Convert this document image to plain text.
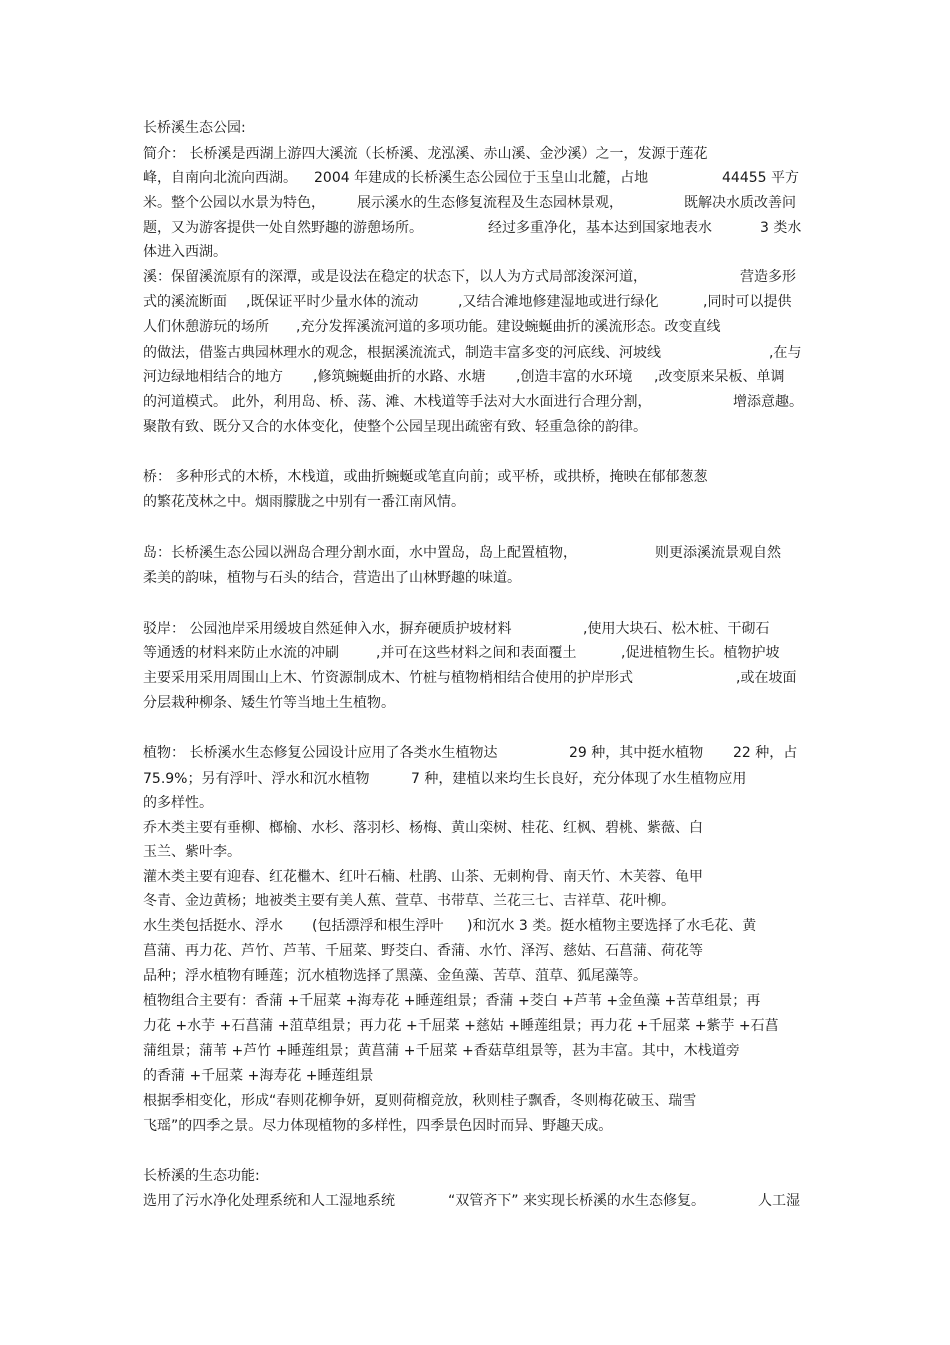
长桥溪生态公园:
简介： 长桥溪是西湖上游四大溪流（长桥溪、龙泓溪、赤山溪、金沙溪）之一，发源于莲花
峰，自南向北流向西湖。 2004 年建成的长桥溪生态公园位于玉皇山北麓，占地	44455 平方
米。整个公园以水景为特色， 展示溪水的生态修复流程及生态园林景观，	既解决水质改善问
题，又为游客提供一处自然野趣的游憩场所。	经过多重净化，基本达到国家地表水	3 类水
体进入西湖。
溪：保留溪流原有的深潭，或是设法在稳定的状态下，以人为方式局部浚深河道，	营造多形
式的溪流断面 ,既保证平时少量水体的流动	,又结合滩地修建湿地或进行绿化	,同时可以提供
人们休憩游玩的场所 ,充分发挥溪流河道的多项功能。建设蜿蜒曲折的溪流形态。改变直线
的做法，借鉴古典园林理水的观念，根据溪流流式，制造丰富多变的河底线、河坡线	,在与
河边绿地相结合的地方 ,修筑蜿蜒曲折的水路、水塘 ,创造丰富的水环境 ,改变原来呆板、单调
的河道模式。 此外，利用岛、桥、荡、滩、木栈道等手法对大水面进行合理分割，	增添意趣。
聚散有致、既分又合的水体变化，使整个公园呈现出疏密有致、轻重急徐的韵律。
桥： 多种形式的木桥，木栈道，或曲折蜿蜒或笔直向前；或平桥，或拱桥，掩映在郁郁葱葱
的繁花茂林之中。烟雨朦胧之中别有一番江南风情。
岛：长桥溪生态公园以洲岛合理分割水面，水中置岛，岛上配置植物，	则更添溪流景观自然
柔美的韵味，植物与石头的结合，营造出了山林野趣的味道。
驳岸： 公园池岸采用缓坡自然延伸入水，摒弃硬质护坡材料	,使用大块石、松木桩、干砌石
等通透的材料来防止水流的冲刷	,并可在这些材料之间和表面覆土	,促进植物生长。植物护坡
主要采用采用周围山上木、竹资源制成木、竹桩与植物梢相结合使用的护岸形式	,或在坡面
分层栽种柳条、矮生竹等当地土生植物。
植物： 长桥溪水生态修复公园设计应用了各类水生植物达	29 种，其中挺水植物 22 种，占
75.9%；另有浮叶、浮水和沉水植物	7 种，建植以来均生长良好，充分体现了水生植物应用
的多样性。
乔木类主要有垂柳、榔榆、水杉、落羽杉、杨梅、黄山栾树、桂花、红枫、碧桃、紫薇、白
玉兰、紫叶李。
灌木类主要有迎春、红花檵木、红叶石楠、杜鹃、山茶、无刺枸骨、南天竹、木芙蓉、龟甲
冬青、金边黄杨；地被类主要有美人蕉、萱草、书带草、兰花三七、吉祥草、花叶柳。
水生类包括挺水、浮水 (包括漂浮和根生浮叶 )和沉水 3 类。挺水植物主要选择了水毛花、黄
菖蒲、再力花、芦竹、芦苇、千屈菜、野茭白、香蒲、水竹、泽泻、慈姑、石菖蒲、荷花等
品种；浮水植物有睡莲；沉水植物选择了黑藻、金鱼藻、苦草、菹草、狐尾藻等。
植物组合主要有：香蒲 +千屈菜 +海寿花 +睡莲组景；香蒲 +茭白 +芦苇 +金鱼藻 +苦草组景；再
力花 +水芋 +石菖蒲 +菹草组景；再力花 +千屈菜 +慈姑 +睡莲组景；再力花 +千屈菜 +紫芋 +石菖
蒲组景；蒲苇 +芦竹 +睡莲组景；黄菖蒲 +千屈菜 +香菇草组景等，甚为丰富。其中，木栈道旁
的香蒲 +千屈菜 +海寿花 +睡莲组景
根据季相变化，形成“春则花柳争妍，夏则荷榴竞放，秋则桂子飘香，冬则梅花破玉、瑞雪
飞瑶”的四季之景。尽力体现植物的多样性，四季景色因时而异、野趣天成。
长桥溪的生态功能:
选用了污水净化处理系统和人工湿地系统	“双管齐下” 来实现长桥溪的水生态修复。	人工湿
